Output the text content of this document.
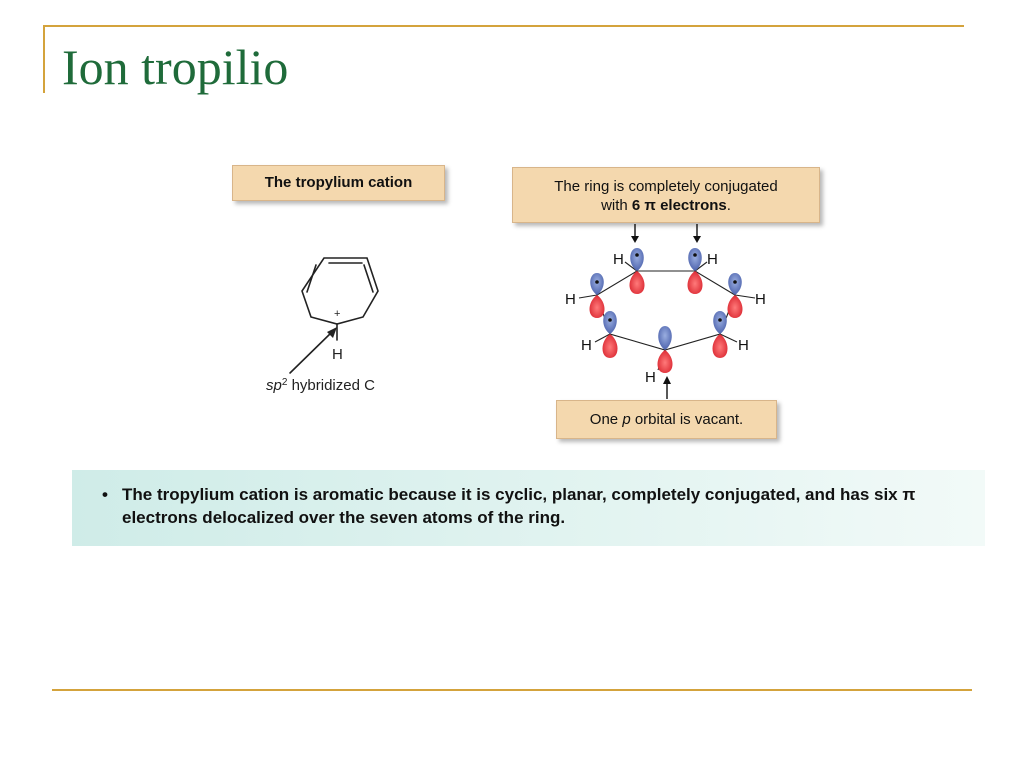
Ion tropilio
The tropylium cation	The ring is completely conjugated
with 6 π electrons.
One p orbital is vacant.
+
H
$sp^2$ hybridized C
H	H
H	H
H	H
H
• The tropylium cation is aromatic because it is cyclic, planar, completely conjugated, and has six π electrons delocalized over the seven atoms of the ring.
